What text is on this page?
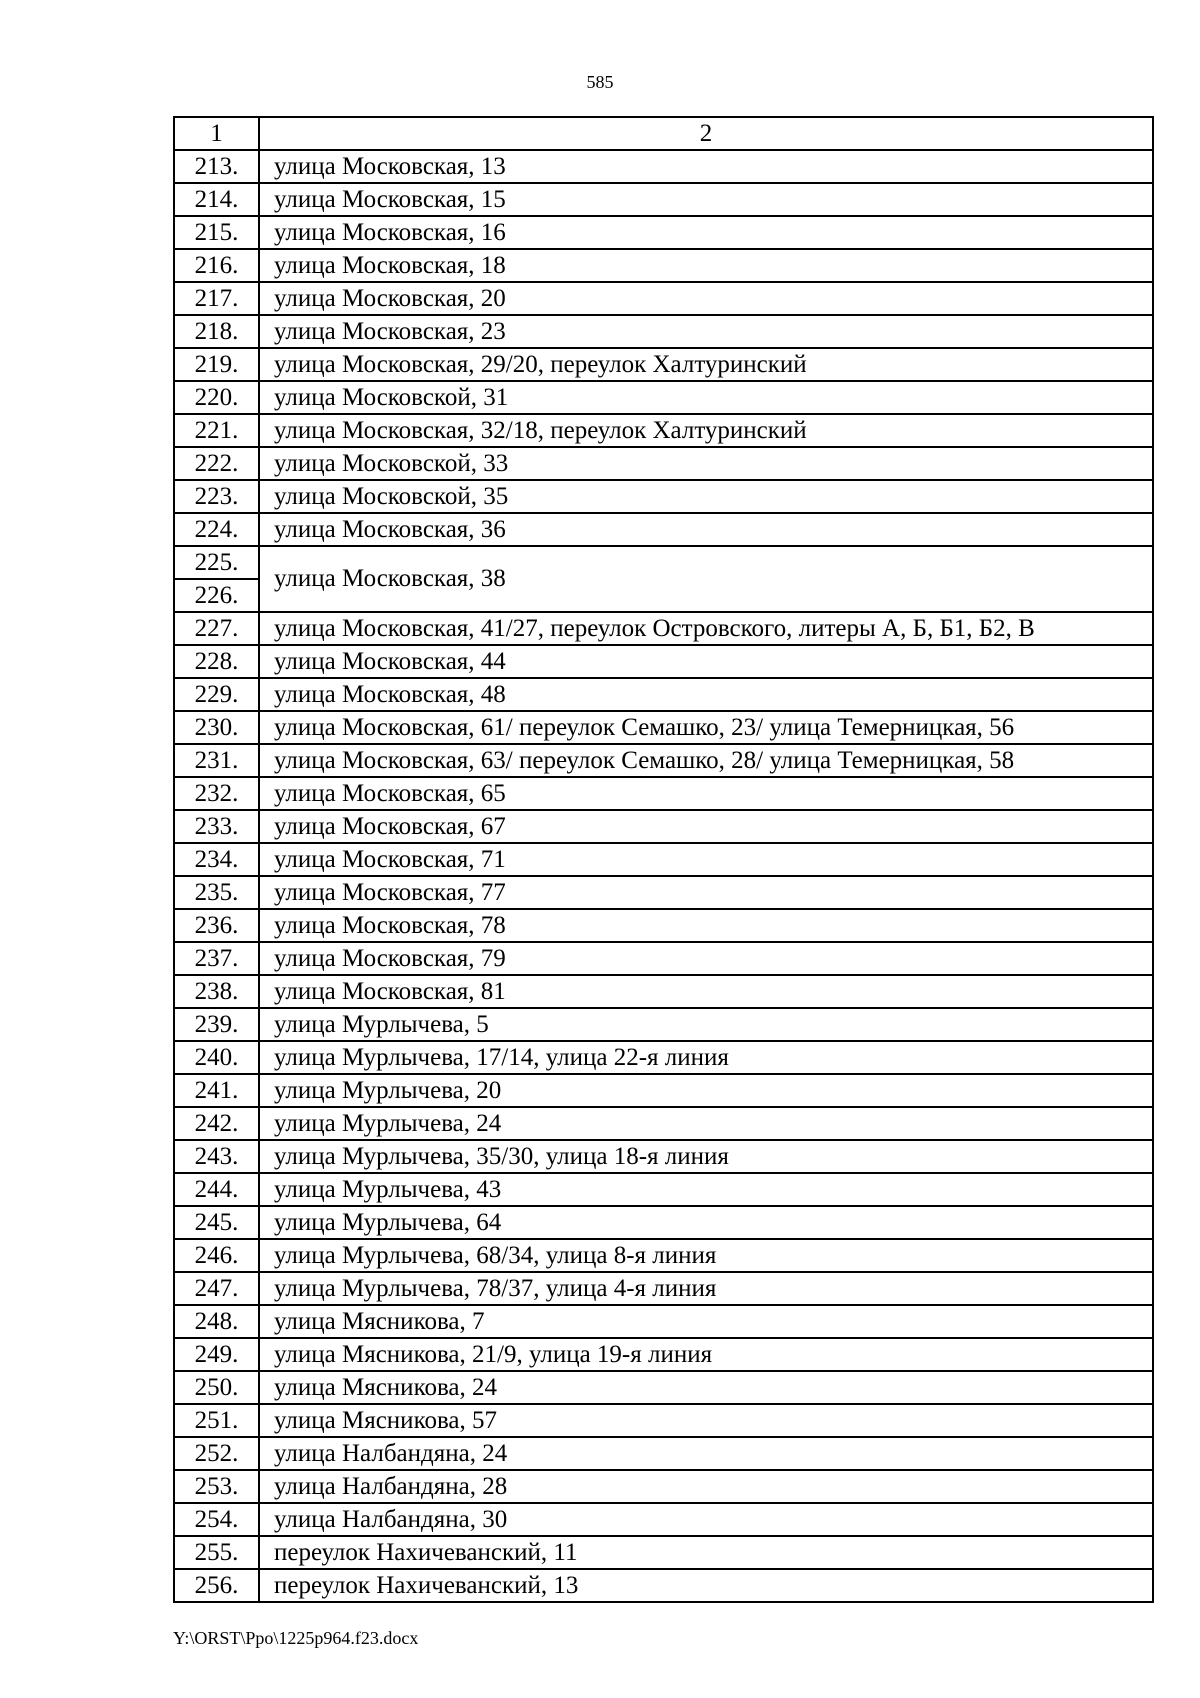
585
1	2
213.	улица Московская, 13
214.	улица Московская, 15
215.	улица Московская, 16
216.	улица Московская, 18
217.	улица Московская, 20
218.	улица Московская, 23
219.	улица Московская, 29/20, переулок Халтуринский
220.	улица Московской, 31
221.	улица Московская, 32/18, переулок Халтуринский
222.	улица Московской, 33
223.	улица Московской, 35
224.	улица Московская, 36
225.	улица Московская, 38
226.	
227.	улица Московская, 41/27, переулок Островского, литеры А, Б, Б1, Б2, В
228.	улица Московская, 44
229.	улица Московская, 48
230.	улица Московская, 61/ переулок Семашко, 23/ улица Темерницкая, 56
231.	улица Московская, 63/ переулок Семашко, 28/ улица Темерницкая, 58
232.	улица Московская, 65
233.	улица Московская, 67
234.	улица Московская, 71
235.	улица Московская, 77
236.	улица Московская, 78
237.	улица Московская, 79
238.	улица Московская, 81
239.	улица Мурлычева, 5
240.	улица Мурлычева, 17/14, улица 22-я линия
241.	улица Мурлычева, 20
242.	улица Мурлычева, 24
243.	улица Мурлычева, 35/30, улица 18-я линия
244.	улица Мурлычева, 43
245.	улица Мурлычева, 64
246.	улица Мурлычева, 68/34, улица 8-я линия
247.	улица Мурлычева, 78/37, улица 4-я линия
248.	улица Мясникова, 7
249.	улица Мясникова, 21/9, улица 19-я линия
250.	улица Мясникова, 24
251.	улица Мясникова, 57
252.	улица Налбандяна, 24
253.	улица Налбандяна, 28
254.	улица Налбандяна, 30
255.	переулок Нахичеванский, 11
256.	переулок Нахичеванский, 13
Y:\ORST\Ppo\1225p964.f23.docx
